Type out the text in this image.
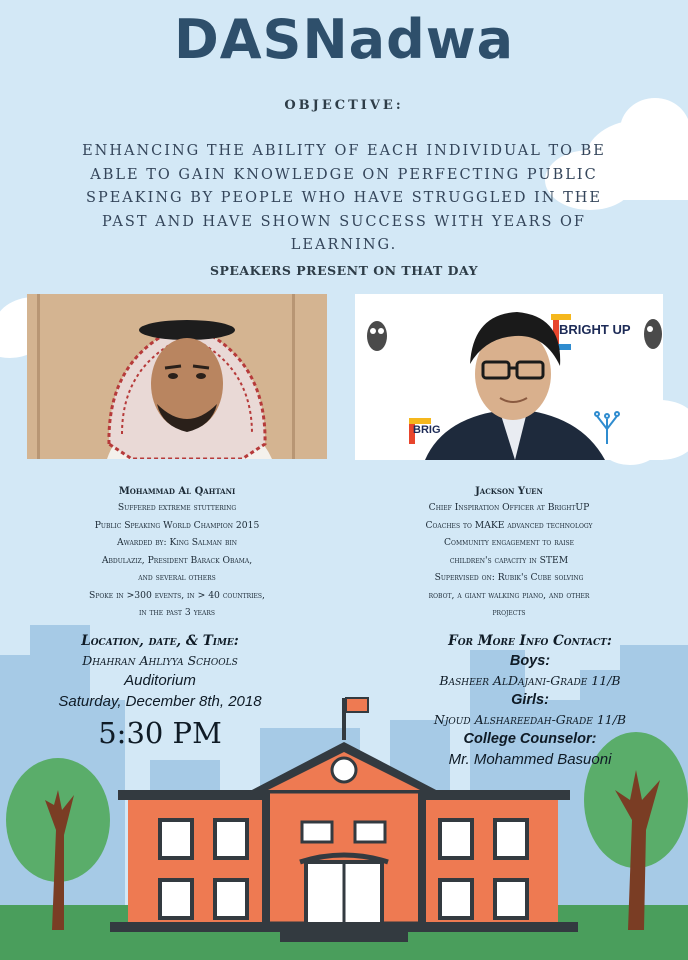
DASNadwa

OBJECTIVE:

ENHANCING THE ABILITY OF EACH INDIVIDUAL TO BE ABLE TO GAIN KNOWLEDGE ON PERFECTING PUBLIC SPEAKING BY PEOPLE WHO HAVE STRUGGLED IN THE PAST AND HAVE SHOWN SUCCESS WITH YEARS OF LEARNING.

SPEAKERS PRESENT ON THAT DAY

BRIGHT UP
BRIG
Mohammad Al Qahtani
Suffered extreme stuttering
Public Speaking World Champion 2015
Awarded by: King Salman bin
Abdulaziz, President Barack Obama,
and several others
Spoke in >300 events, in > 40 countries,
in the past 3 years
Jackson Yuen
Chief Inspiration Officer at BrightUP
Coaches to MAKE advanced technology
Community engagement to raise
children's capacity in STEM
Supervised on: Rubik's Cube solving
robot, a giant walking piano, and other
projects
Location, date, & Time:
Dhahran Ahliyya Schools
Auditorium
Saturday, December 8th, 2018
5:30 PM
For More Info Contact:
Boys:
Basheer AlDajani-Grade 11/B
Girls:
Njoud Alshareedah-Grade 11/B
College Counselor:
Mr. Mohammed Basuoni
